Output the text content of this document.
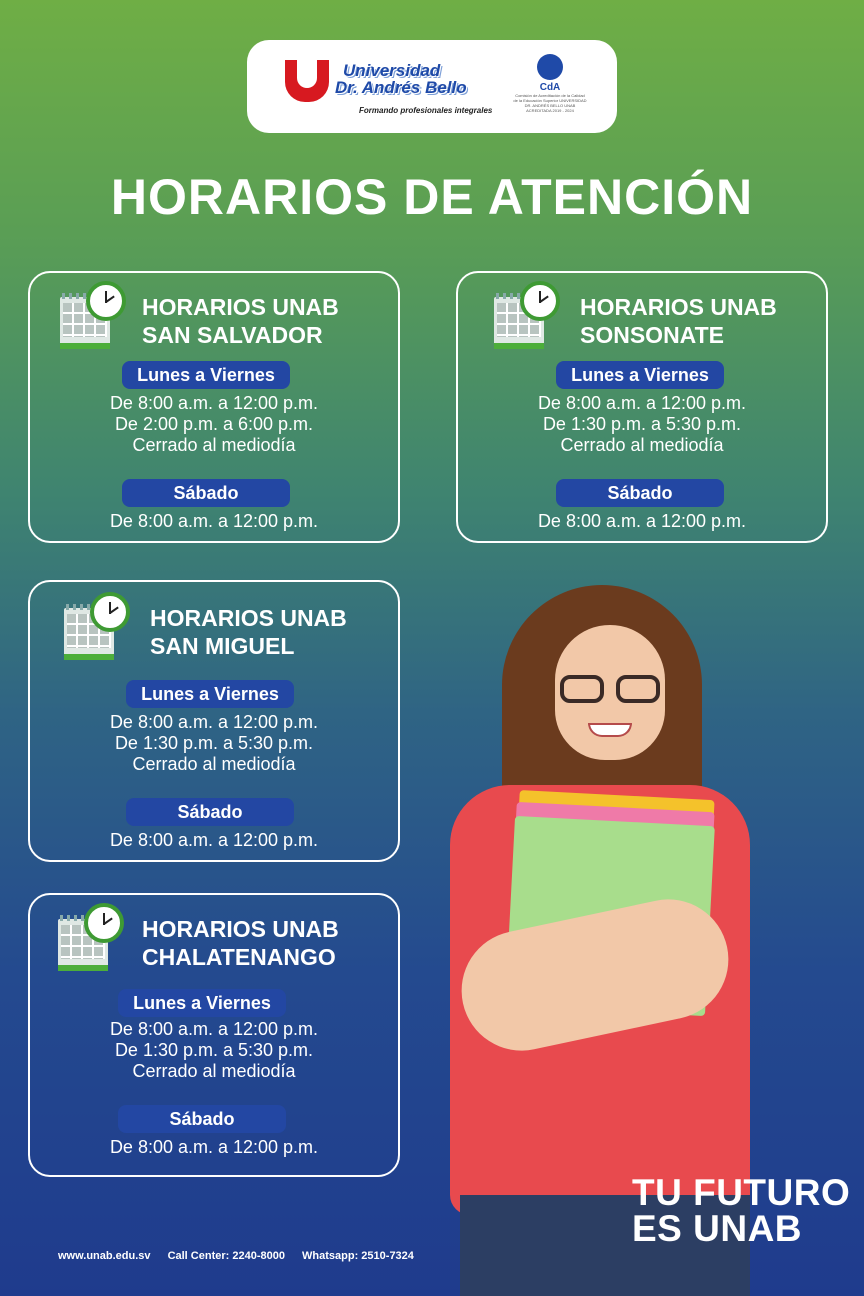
Universidad
Dr. Andrés Bello
Formando profesionales integrales
CdA
Comisión de Acreditación de la Calidad de la Educación Superior UNIVERSIDAD DR. ANDRÉS BELLO UNAB ACREDITADA 2019 - 2024
HORARIOS DE ATENCIÓN
HORARIOS UNAB
SAN SALVADOR
Lunes a Viernes
De 8:00 a.m. a 12:00 p.m.
De 2:00 p.m. a 6:00 p.m.
Cerrado al mediodía
Sábado
De 8:00 a.m. a 12:00 p.m.
HORARIOS UNAB
SONSONATE
Lunes a Viernes
De 8:00 a.m. a 12:00 p.m.
De 1:30 p.m. a 5:30 p.m.
Cerrado al mediodía
Sábado
De 8:00 a.m. a 12:00 p.m.
HORARIOS UNAB
SAN MIGUEL
Lunes a Viernes
De 8:00 a.m. a 12:00 p.m.
De 1:30 p.m. a 5:30 p.m.
Cerrado al mediodía
Sábado
De 8:00 a.m. a 12:00 p.m.
HORARIOS UNAB
CHALATENANGO
Lunes a Viernes
De 8:00 a.m. a 12:00 p.m.
De 1:30 p.m. a 5:30 p.m.
Cerrado al mediodía
Sábado
De 8:00 a.m. a 12:00 p.m.
TU FUTURO
ES UNAB
www.unab.edu.sv Call Center: 2240-8000 Whatsapp: 2510-7324
